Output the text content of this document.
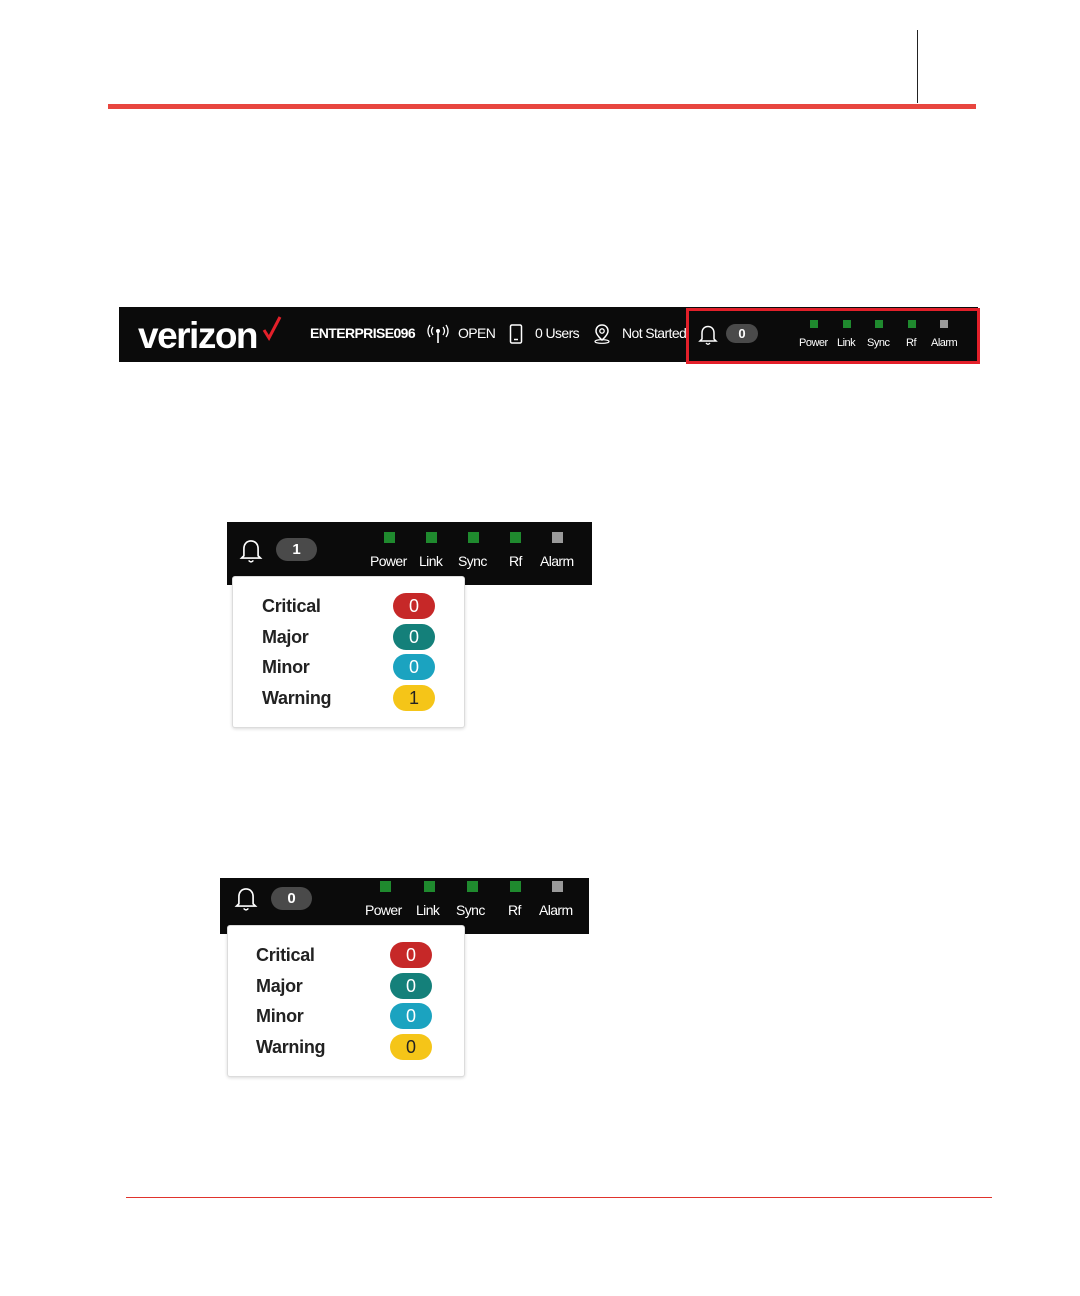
verizon	ENTERPRISE096	OPEN	0 Users	Not Started	0
Power Link Sync Rf Alarm
1
Power Link Sync Rf Alarm
Critical	0
Major	0
Minor	0
Warning	1
0
Power Link Sync Rf Alarm
Critical	0
Major	0
Minor	0
Warning	0
